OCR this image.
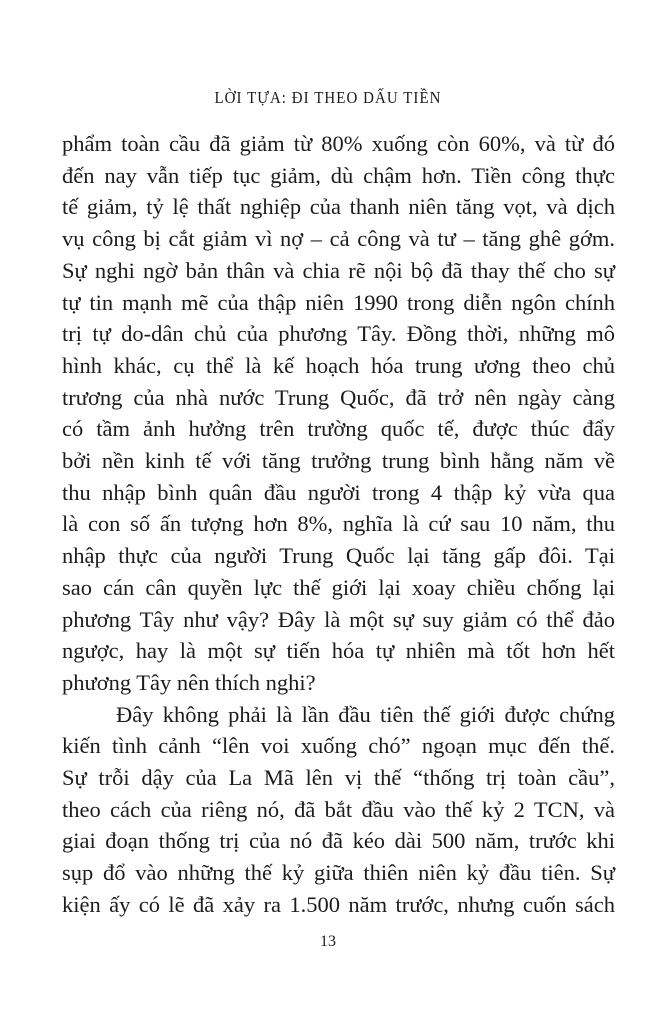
LỜI TỰA: ĐI THEO DẤU TIỀN

phẩm toàn cầu đã giảm từ 80% xuống còn 60%, và từ đó
đến nay vẫn tiếp tục giảm, dù chậm hơn. Tiền công thực
tế giảm, tỷ lệ thất nghiệp của thanh niên tăng vọt, và dịch
vụ công bị cắt giảm vì nợ – cả công và tư – tăng ghê gớm.
Sự nghi ngờ bản thân và chia rẽ nội bộ đã thay thế cho sự
tự tin mạnh mẽ của thập niên 1990 trong diễn ngôn chính
trị tự do-dân chủ của phương Tây. Đồng thời, những mô
hình khác, cụ thể là kế hoạch hóa trung ương theo chủ
trương của nhà nước Trung Quốc, đã trở nên ngày càng
có tầm ảnh hưởng trên trường quốc tế, được thúc đẩy
bởi nền kinh tế với tăng trưởng trung bình hằng năm về
thu nhập bình quân đầu người trong 4 thập kỷ vừa qua
là con số ấn tượng hơn 8%, nghĩa là cứ sau 10 năm, thu
nhập thực của người Trung Quốc lại tăng gấp đôi. Tại
sao cán cân quyền lực thế giới lại xoay chiều chống lại
phương Tây như vậy? Đây là một sự suy giảm có thể đảo
ngược, hay là một sự tiến hóa tự nhiên mà tốt hơn hết
phương Tây nên thích nghi?

Đây không phải là lần đầu tiên thế giới được chứng
kiến tình cảnh “lên voi xuống chó” ngoạn mục đến thế.
Sự trỗi dậy của La Mã lên vị thế “thống trị toàn cầu”,
theo cách của riêng nó, đã bắt đầu vào thế kỷ 2 TCN, và
giai đoạn thống trị của nó đã kéo dài 500 năm, trước khi
sụp đổ vào những thế kỷ giữa thiên niên kỷ đầu tiên. Sự
kiện ấy có lẽ đã xảy ra 1.500 năm trước, nhưng cuốn sách

13
